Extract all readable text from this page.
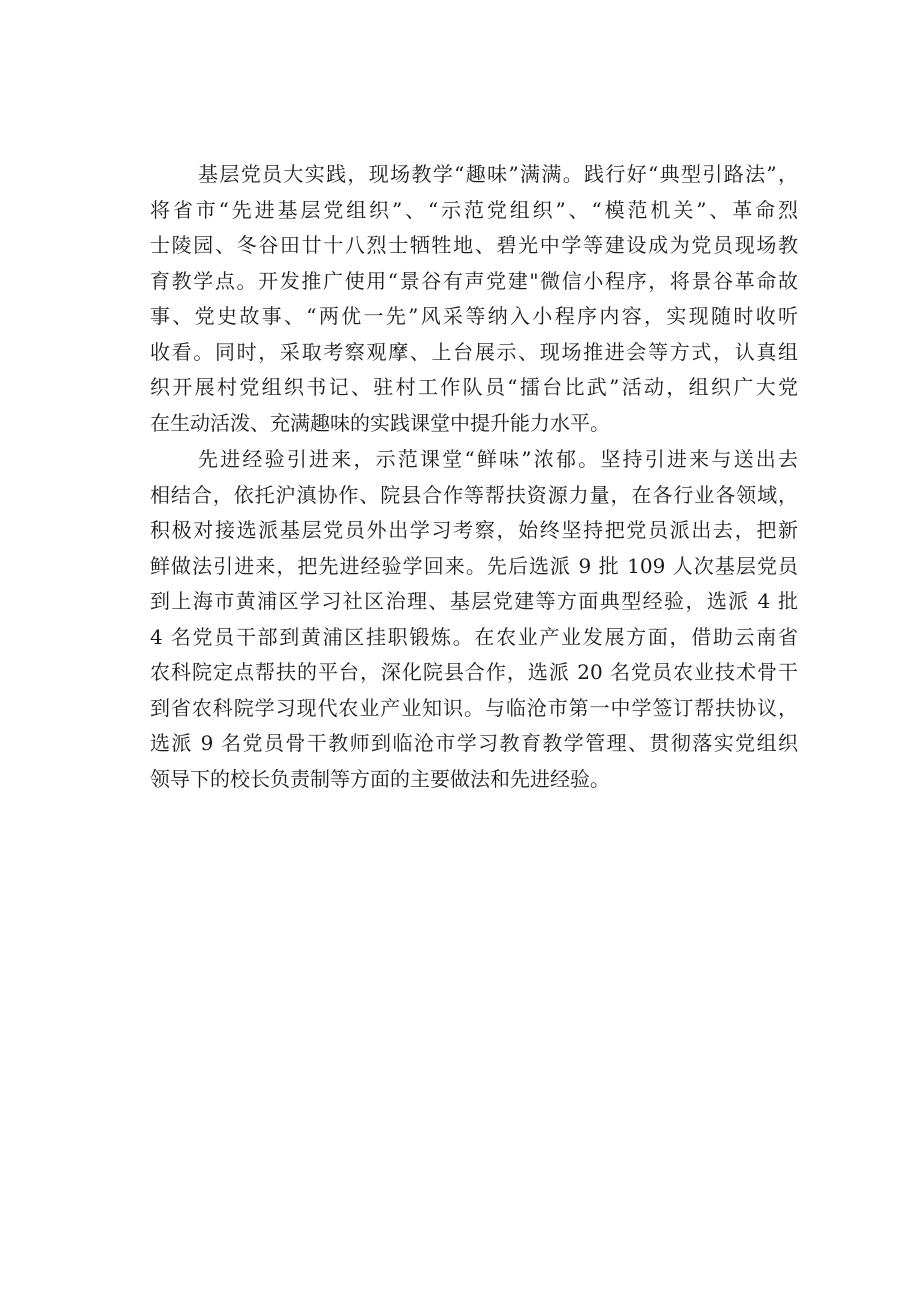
基层党员大实践，现场教学“趣味”满满。践行好“典型引路法”，
将省市“先进基层党组织”、“示范党组织”、“模范机关”、革命烈
士陵园、冬谷田廿十八烈士牺牲地、碧光中学等建设成为党员现场教
育教学点。开发推广使用“景谷有声党建"微信小程序，将景谷革命故
事、党史故事、“两优一先”风采等纳入小程序内容，实现随时收听
收看。同时，采取考察观摩、上台展示、现场推进会等方式，认真组
织开展村党组织书记、驻村工作队员“擂台比武”活动，组织广大党
在生动活泼、充满趣味的实践课堂中提升能力水平。
先进经验引进来，示范课堂“鲜味”浓郁。坚持引进来与送出去
相结合，依托沪滇协作、院县合作等帮扶资源力量，在各行业各领域，
积极对接选派基层党员外出学习考察，始终坚持把党员派出去，把新
鲜做法引进来，把先进经验学回来。先后选派 9 批 109 人次基层党员
到上海市黄浦区学习社区治理、基层党建等方面典型经验，选派 4 批
4 名党员干部到黄浦区挂职锻炼。在农业产业发展方面，借助云南省
农科院定点帮扶的平台，深化院县合作，选派 20 名党员农业技术骨干
到省农科院学习现代农业产业知识。与临沧市第一中学签订帮扶协议，
选派 9 名党员骨干教师到临沧市学习教育教学管理、贯彻落实党组织
领导下的校长负责制等方面的主要做法和先进经验。
